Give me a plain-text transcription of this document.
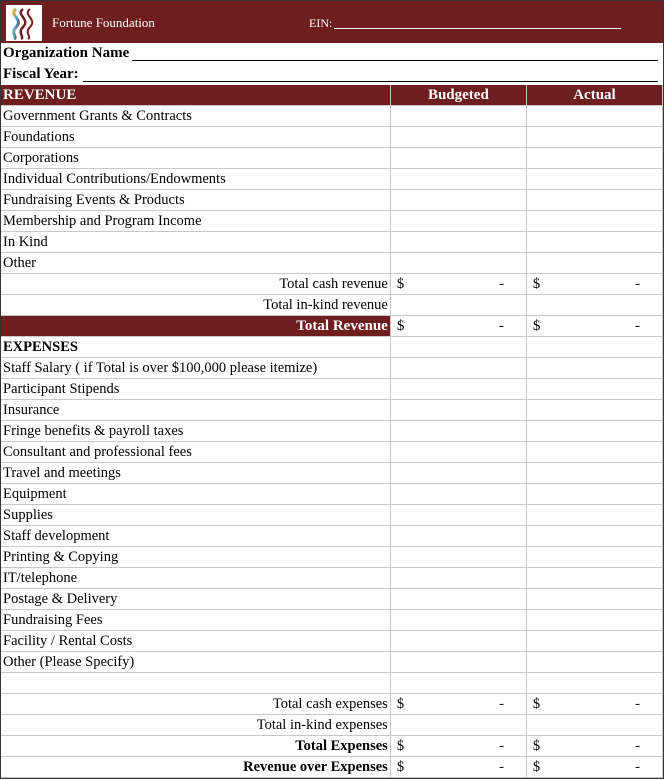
Fortune Foundation	EIN:
Organization Name
Fiscal Year:
REVENUE	Budgeted	Actual
Government Grants & Contracts		
Foundations		
Corporations		
Individual Contributions/Endowments		
Fundraising Events & Products		
Membership and Program Income		
In Kind		
Other		
Total cash revenue	$ -	$ -

Total in-kind revenue		
Total Revenue	$ -	$ -

EXPENSES		
Staff Salary ( if Total is over $100,000 please itemize)		
Participant Stipends		
Insurance		
Fringe benefits & payroll taxes		
Consultant and professional fees		
Travel and meetings		
Equipment		
Supplies		
Staff development		
Printing & Copying		
IT/telephone		
Postage & Delivery		
Fundraising Fees		
Facility / Rental Costs		
Other (Please Specify)		

Total cash expenses	$ -	$ -

Total in-kind expenses		
Total Expenses	$ -	$ -

Revenue over Expenses	$ -	$ -
